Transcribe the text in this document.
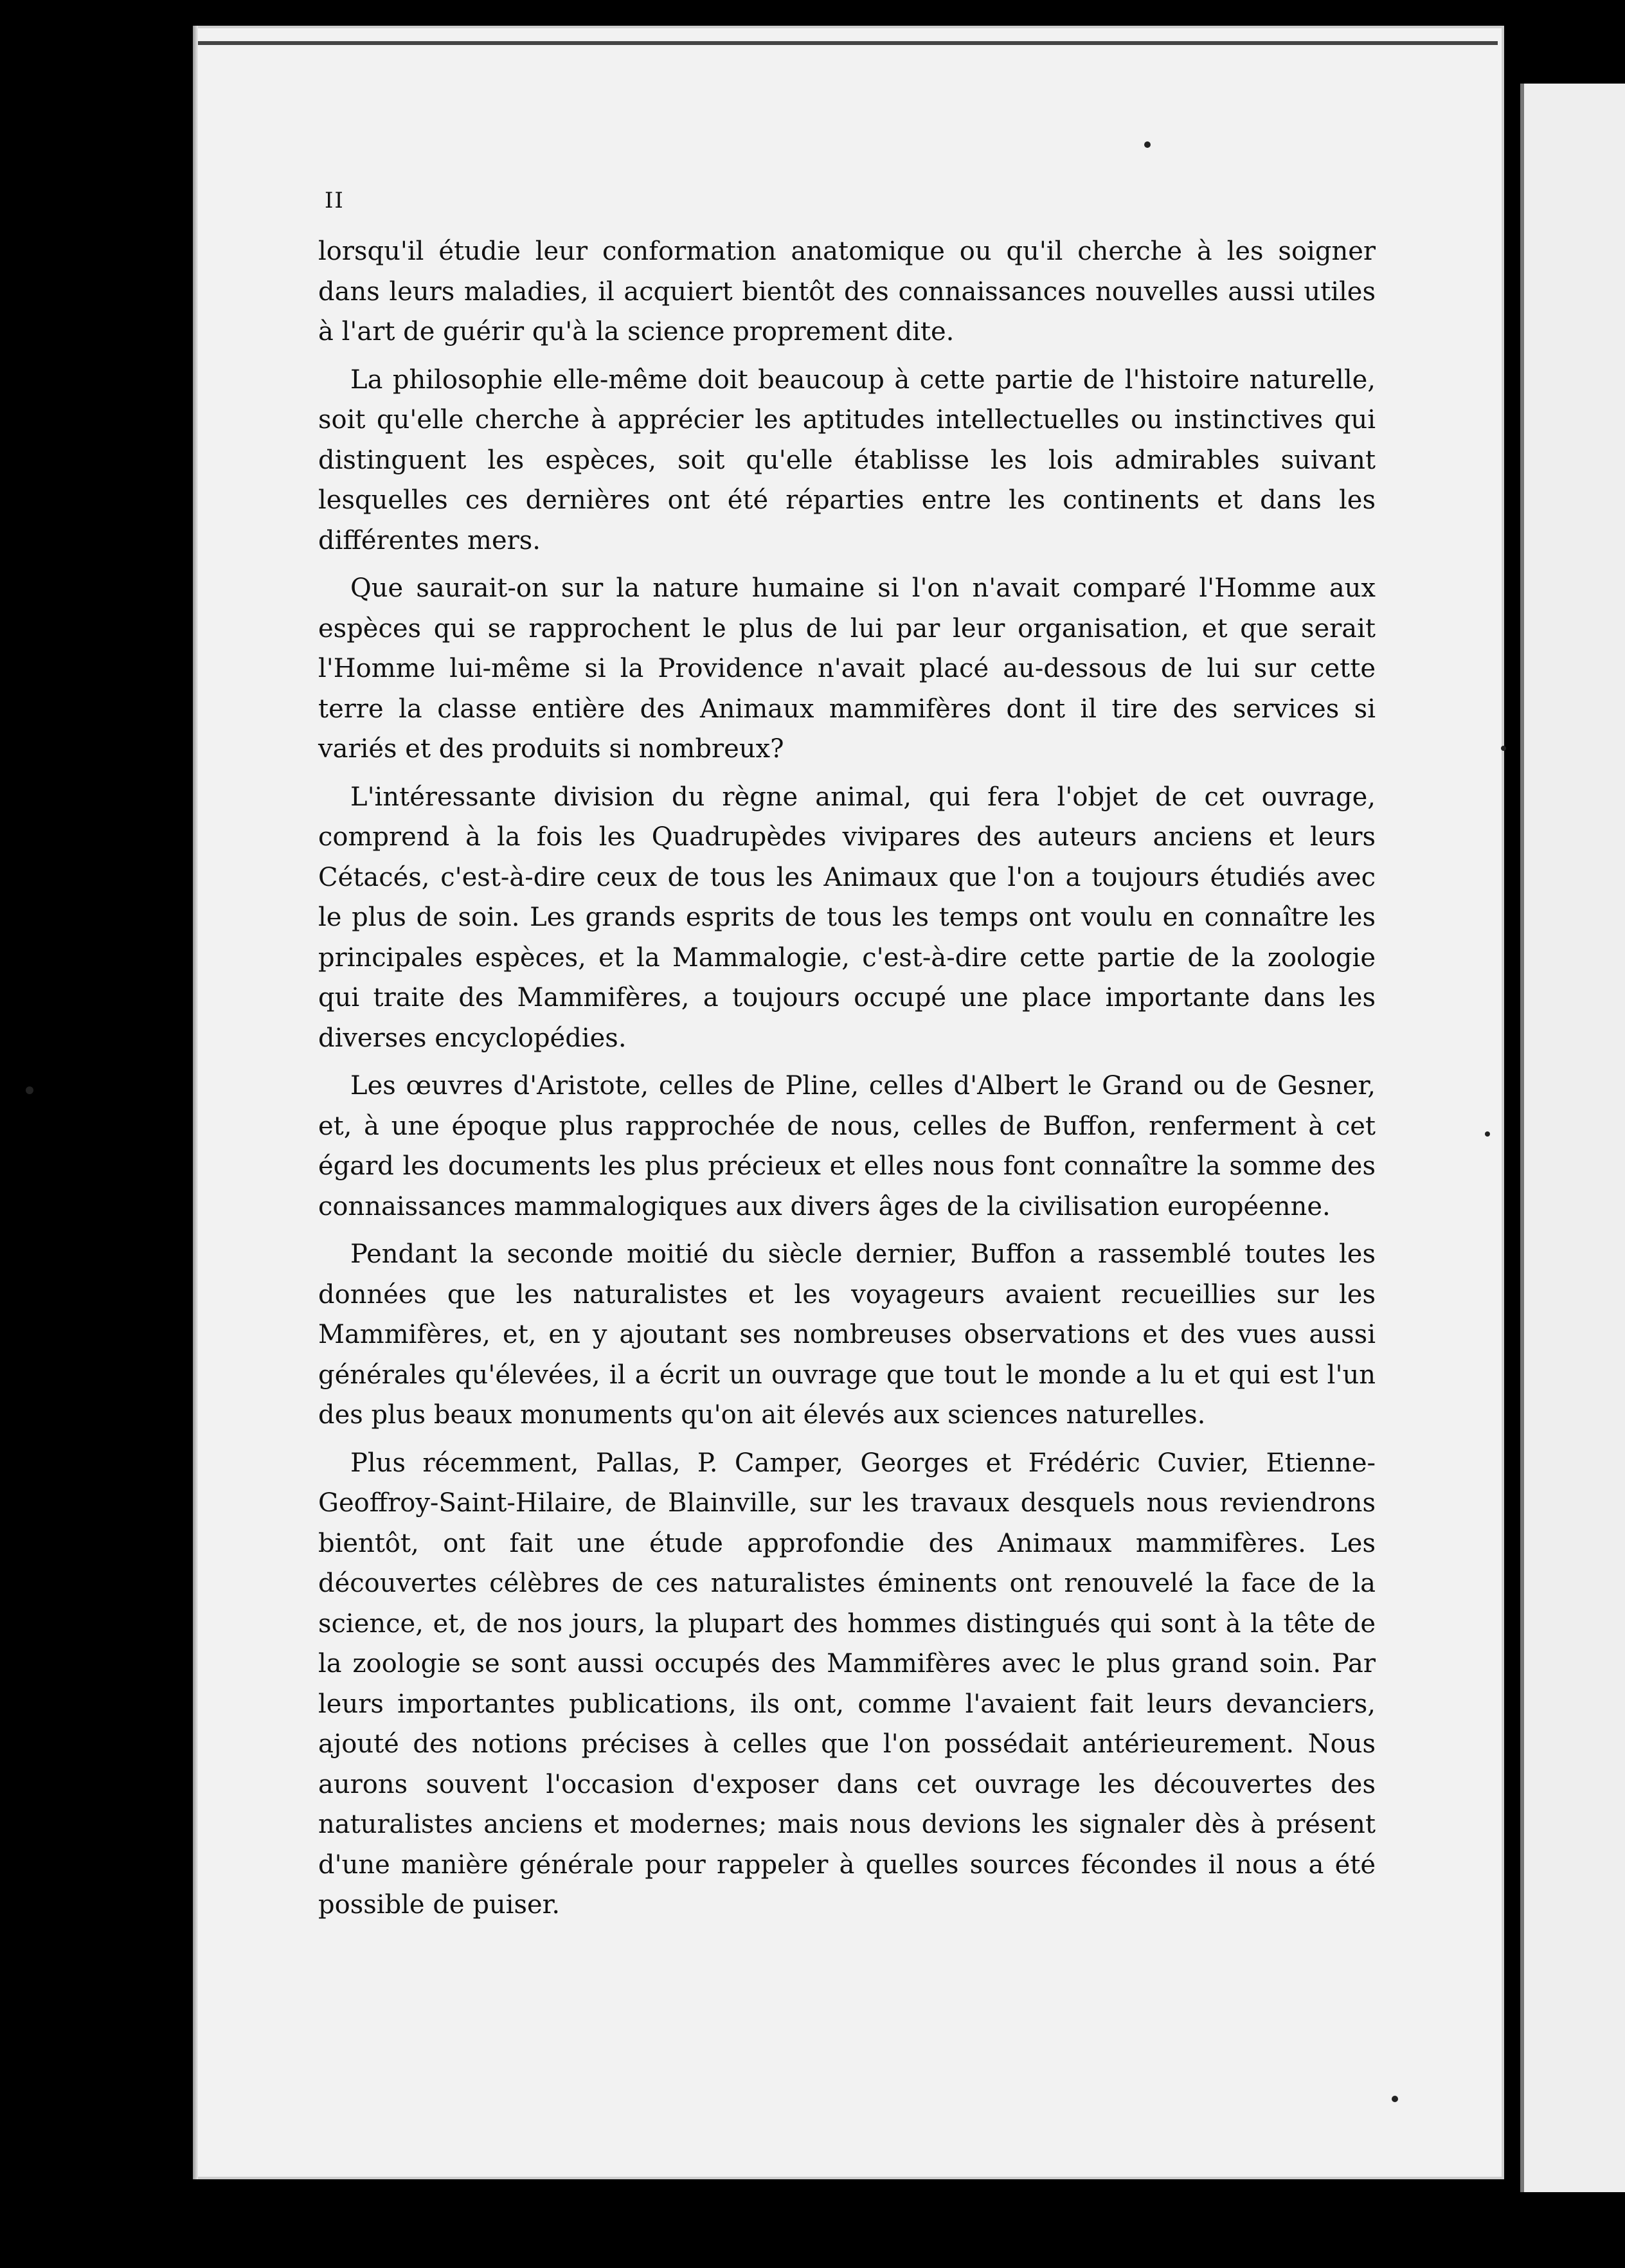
II

lorsqu'il étudie leur conformation anatomique ou qu'il cherche à les soigner dans leurs maladies, il acquiert bientôt des connaissances nouvelles aussi utiles à l'art de guérir qu'à la science proprement dite.

La philosophie elle-même doit beaucoup à cette partie de l'histoire naturelle, soit qu'elle cherche à apprécier les aptitudes intellectuelles ou instinctives qui distinguent les espèces, soit qu'elle établisse les lois admirables suivant lesquelles ces dernières ont été réparties entre les continents et dans les différentes mers.

Que saurait-on sur la nature humaine si l'on n'avait comparé l'Homme aux espèces qui se rapprochent le plus de lui par leur organisation, et que serait l'Homme lui-même si la Providence n'avait placé au-dessous de lui sur cette terre la classe entière des Animaux mammifères dont il tire des services si variés et des produits si nombreux?

L'intéressante division du règne animal, qui fera l'objet de cet ouvrage, comprend à la fois les Quadrupèdes vivipares des auteurs anciens et leurs Cétacés, c'est-à-dire ceux de tous les Animaux que l'on a toujours étudiés avec le plus de soin. Les grands esprits de tous les temps ont voulu en connaître les principales espèces, et la Mammalogie, c'est-à-dire cette partie de la zoologie qui traite des Mammifères, a toujours occupé une place importante dans les diverses encyclopédies.

Les œuvres d'Aristote, celles de Pline, celles d'Albert le Grand ou de Gesner, et, à une époque plus rapprochée de nous, celles de Buffon, renferment à cet égard les documents les plus précieux et elles nous font connaître la somme des connaissances mammalogiques aux divers âges de la civilisation européenne.

Pendant la seconde moitié du siècle dernier, Buffon a rassemblé toutes les données que les naturalistes et les voyageurs avaient recueillies sur les Mammifères, et, en y ajoutant ses nombreuses observations et des vues aussi générales qu'élevées, il a écrit un ouvrage que tout le monde a lu et qui est l'un des plus beaux monuments qu'on ait élevés aux sciences naturelles.

Plus récemment, Pallas, P. Camper, Georges et Frédéric Cuvier, Etienne-Geoffroy-Saint-Hilaire, de Blainville, sur les travaux desquels nous reviendrons bientôt, ont fait une étude approfondie des Animaux mammifères. Les découvertes célèbres de ces naturalistes éminents ont renouvelé la face de la science, et, de nos jours, la plupart des hommes distingués qui sont à la tête de la zoologie se sont aussi occupés des Mammifères avec le plus grand soin. Par leurs importantes publications, ils ont, comme l'avaient fait leurs devanciers, ajouté des notions précises à celles que l'on possédait antérieurement. Nous aurons souvent l'occasion d'exposer dans cet ouvrage les découvertes des naturalistes anciens et modernes; mais nous devions les signaler dès à présent d'une manière générale pour rappeler à quelles sources fécondes il nous a été possible de puiser.
